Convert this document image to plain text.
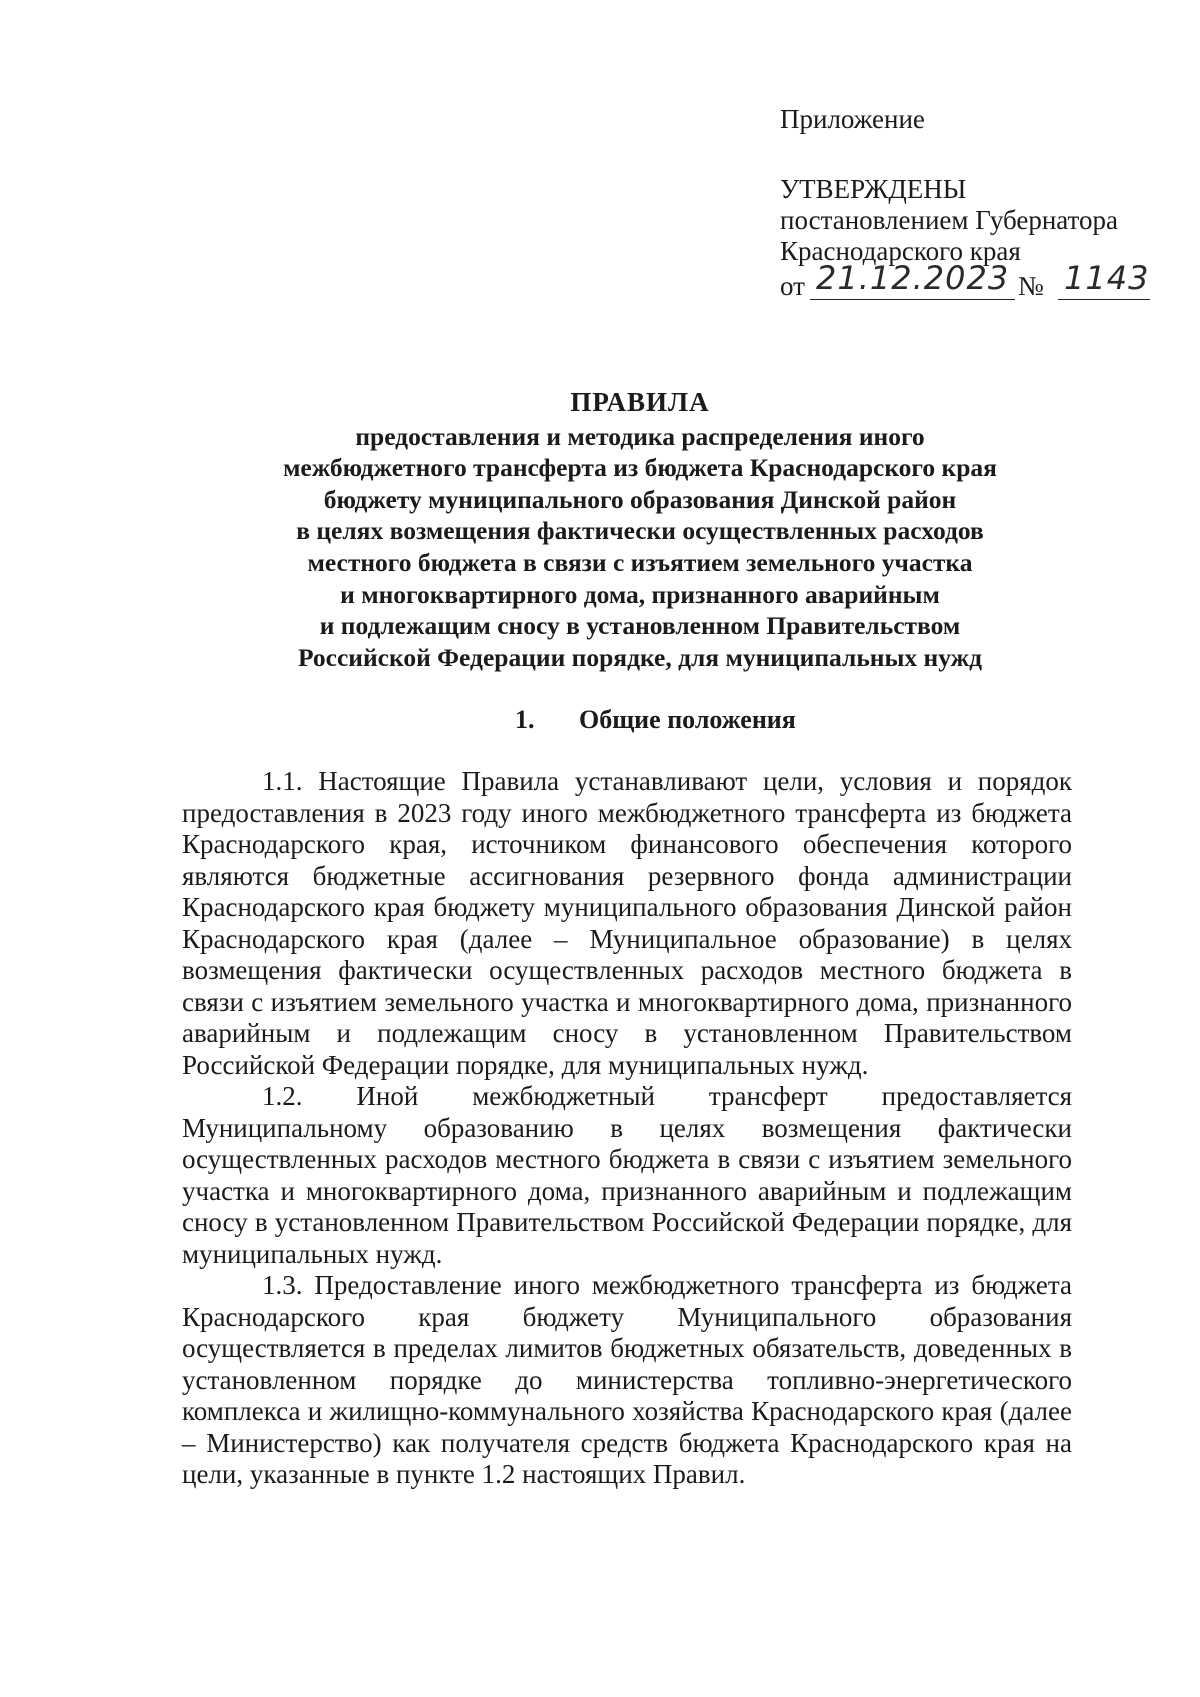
Приложение
УТВЕРЖДЕНЫ
постановлением Губернатора
Краснодарского края
от 21.12.2023 № 1143
ПРАВИЛА
предоставления и методика распределения иного
межбюджетного трансферта из бюджета Краснодарского края
бюджету муниципального образования Динской район
в целях возмещения фактически осуществленных расходов
местного бюджета в связи с изъятием земельного участка
и многоквартирного дома, признанного аварийным
и подлежащим сносу в установленном Правительством
Российской Федерации порядке, для муниципальных нужд
1. Общие положения

1.1. Настоящие Правила устанавливают цели, условия и порядок предоставления в 2023 году иного межбюджетного трансферта из бюджета Краснодарского края, источником финансового обеспечения которого являются бюджетные ассигнования резервного фонда администрации Краснодарского края бюджету муниципального образования Динской район Краснодарского края (далее – Муниципальное образование) в целях возмещения фактически осуществленных расходов местного бюджета в связи с изъятием земельного участка и многоквартирного дома, признанного аварийным и подлежащим сносу в установленном Правительством Российской Федерации порядке, для муниципальных нужд.

1.2. Иной межбюджетный трансферт предоставляется Муниципальному образованию в целях возмещения фактически осуществленных расходов местного бюджета в связи с изъятием земельного участка и многоквартирного дома, признанного аварийным и подлежащим сносу в установленном Правительством Российской Федерации порядке, для муниципальных нужд.

1.3. Предоставление иного межбюджетного трансферта из бюджета Краснодарского края бюджету Муниципального образования осуществляется в пределах лимитов бюджетных обязательств, доведенных в установленном порядке до министерства топливно-энергетического комплекса и жилищно-коммунального хозяйства Краснодарского края (далее – Министерство) как получателя средств бюджета Краснодарского края на цели, указанные в пункте 1.2 настоящих Правил.
